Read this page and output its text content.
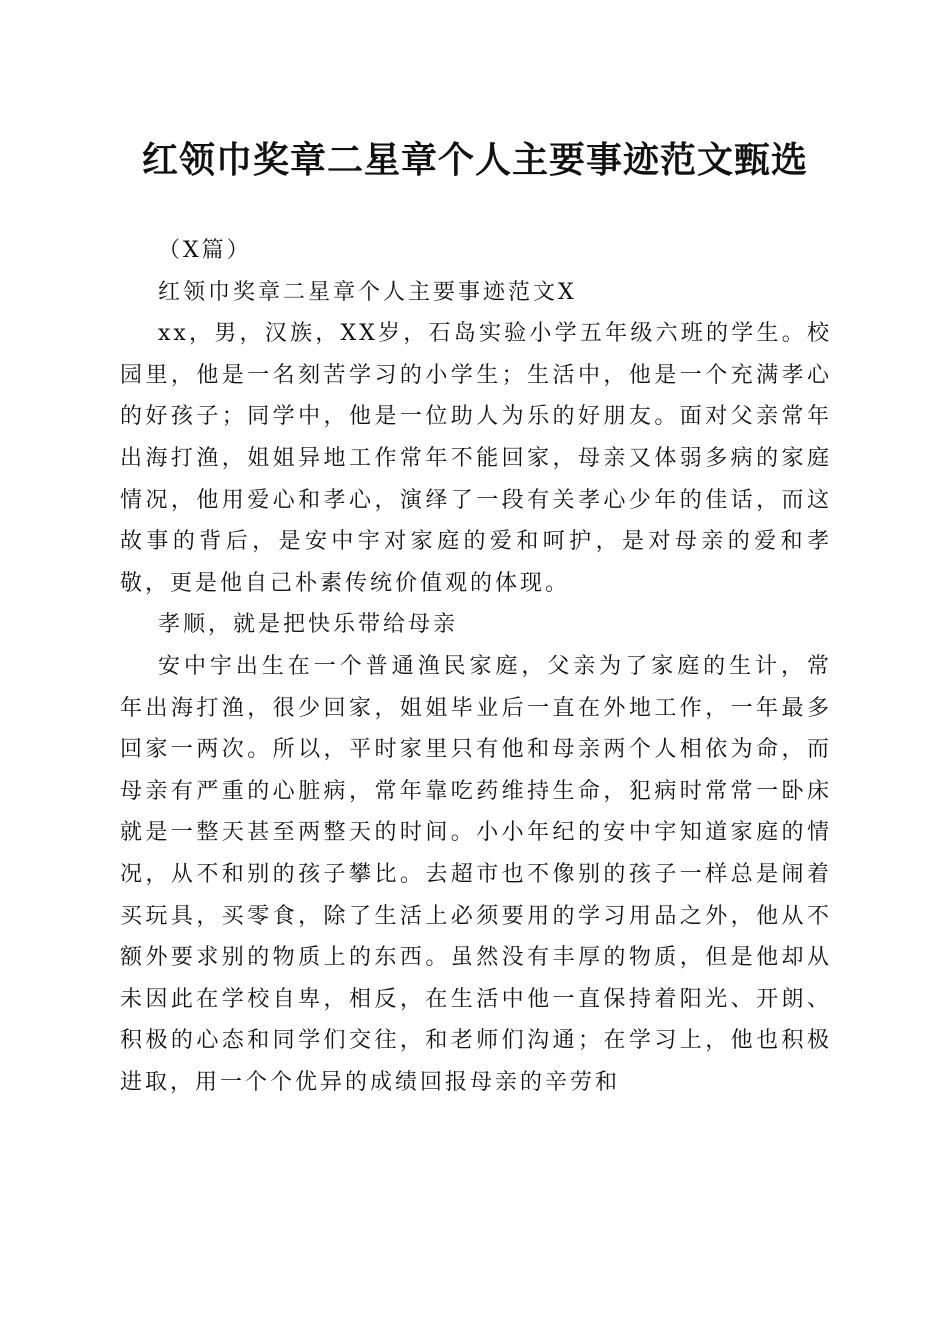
红领巾奖章二星章个人主要事迹范文甄选

（X篇）

红领巾奖章二星章个人主要事迹范文X

xx，男，汉族，XX岁，石岛实验小学五年级六班的学生。校园里，他是一名刻苦学习的小学生；生活中，他是一个充满孝心的好孩子；同学中，他是一位助人为乐的好朋友。面对父亲常年出海打渔，姐姐异地工作常年不能回家，母亲又体弱多病的家庭情况，他用爱心和孝心，演绎了一段有关孝心少年的佳话，而这故事的背后，是安中宇对家庭的爱和呵护，是对母亲的爱和孝敬，更是他自己朴素传统价值观的体现。

孝顺，就是把快乐带给母亲

安中宇出生在一个普通渔民家庭，父亲为了家庭的生计，常年出海打渔，很少回家，姐姐毕业后一直在外地工作，一年最多回家一两次。所以，平时家里只有他和母亲两个人相依为命，而母亲有严重的心脏病，常年靠吃药维持生命，犯病时常常一卧床就是一整天甚至两整天的时间。小小年纪的安中宇知道家庭的情况，从不和别的孩子攀比。去超市也不像别的孩子一样总是闹着买玩具，买零食，除了生活上必须要用的学习用品之外，他从不额外要求别的物质上的东西。虽然没有丰厚的物质，但是他却从未因此在学校自卑，相反，在生活中他一直保持着阳光、开朗、积极的心态和同学们交往，和老师们沟通；在学习上，他也积极进取，用一个个优异的成绩回报母亲的辛劳和
